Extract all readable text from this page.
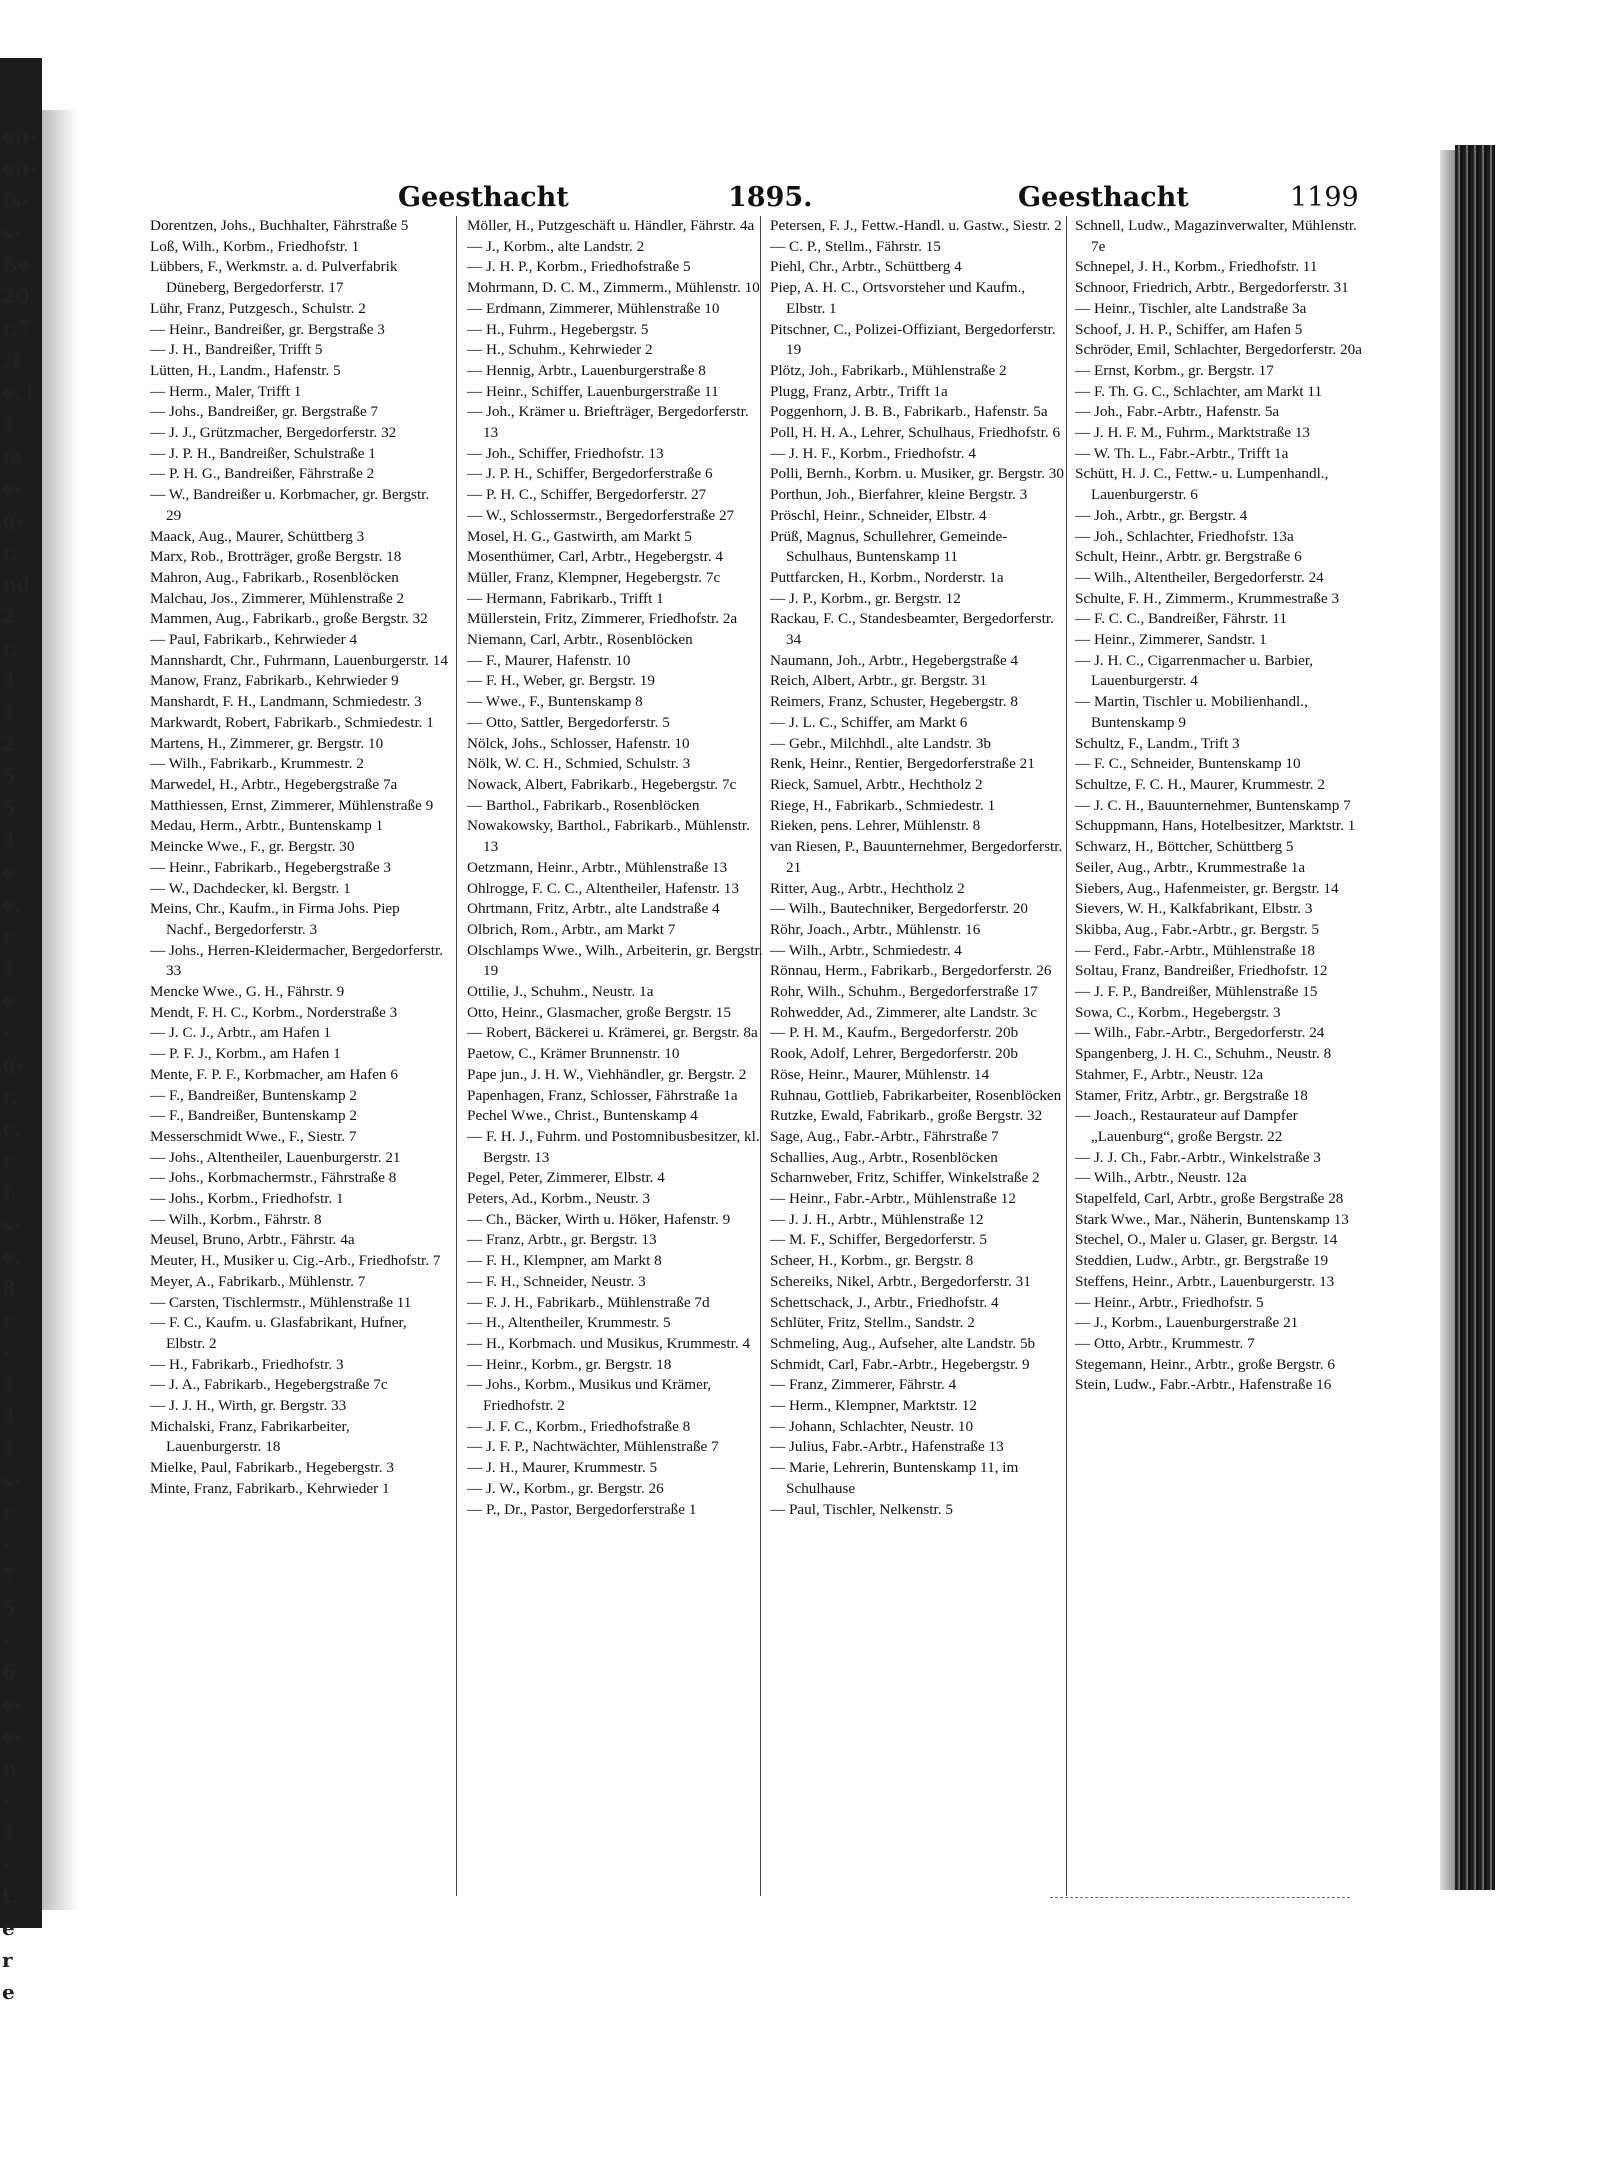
en-
en-
fs-
s-
ße
20
r.7
.1
e.1
1
m
e-
g-
r.
nd
2
r.
4
1
2
5
5
4
e
e,
r
1
e
-
g-
r,
c,
r
f,
s-
e,
8
r
-
1
4
1
s-
r
-
7
5
-
6
e-
e-
n
-
1
-
t.
e
r
e
Geesthacht	1895.	Geesthacht	1199
Dorentzen, Johs., Buchhalter, Fährstraße 5
Loß, Wilh., Korbm., Friedhofstr. 1
Lübbers, F., Werkmstr. a. d. Pulverfabrik Düneberg, Bergedorferstr. 17
Lühr, Franz, Putzgesch., Schulstr. 2
— Heinr., Bandreißer, gr. Bergstraße 3
— J. H., Bandreißer, Trifft 5
Lütten, H., Landm., Hafenstr. 5
— Herm., Maler, Trifft 1
— Johs., Bandreißer, gr. Bergstraße 7
— J. J., Grützmacher, Bergedorferstr. 32
— J. P. H., Bandreißer, Schulstraße 1
— P. H. G., Bandreißer, Fährstraße 2
— W., Bandreißer u. Korbmacher, gr. Bergstr. 29
Maack, Aug., Maurer, Schüttberg 3
Marx, Rob., Brotträger, große Bergstr. 18
Mahron, Aug., Fabrikarb., Rosenblöcken
Malchau, Jos., Zimmerer, Mühlenstraße 2
Mammen, Aug., Fabrikarb., große Bergstr. 32
— Paul, Fabrikarb., Kehrwieder 4
Mannshardt, Chr., Fuhrmann, Lauenburgerstr. 14
Manow, Franz, Fabrikarb., Kehrwieder 9
Manshardt, F. H., Landmann, Schmiedestr. 3
Markwardt, Robert, Fabrikarb., Schmiedestr. 1
Martens, H., Zimmerer, gr. Bergstr. 10
— Wilh., Fabrikarb., Krummestr. 2
Marwedel, H., Arbtr., Hegebergstraße 7a
Matthiessen, Ernst, Zimmerer, Mühlenstraße 9
Medau, Herm., Arbtr., Buntenskamp 1
Meincke Wwe., F., gr. Bergstr. 30
— Heinr., Fabrikarb., Hegebergstraße 3
— W., Dachdecker, kl. Bergstr. 1
Meins, Chr., Kaufm., in Firma Johs. Piep Nachf., Bergedorferstr. 3
— Johs., Herren-Kleidermacher, Bergedorferstr. 33
Mencke Wwe., G. H., Fährstr. 9
Mendt, F. H. C., Korbm., Norderstraße 3
— J. C. J., Arbtr., am Hafen 1
— P. F. J., Korbm., am Hafen 1
Mente, F. P. F., Korbmacher, am Hafen 6
— F., Bandreißer, Buntenskamp 2
— F., Bandreißer, Buntenskamp 2
Messerschmidt Wwe., F., Siestr. 7
— Johs., Altentheiler, Lauenburgerstr. 21
— Johs., Korbmachermstr., Fährstraße 8
— Johs., Korbm., Friedhofstr. 1
— Wilh., Korbm., Fährstr. 8
Meusel, Bruno, Arbtr., Fährstr. 4a
Meuter, H., Musiker u. Cig.-Arb., Friedhofstr. 7
Meyer, A., Fabrikarb., Mühlenstr. 7
— Carsten, Tischlermstr., Mühlenstraße 11
— F. C., Kaufm. u. Glasfabrikant, Hufner, Elbstr. 2
— H., Fabrikarb., Friedhofstr. 3
— J. A., Fabrikarb., Hegebergstraße 7c
— J. J. H., Wirth, gr. Bergstr. 33
Michalski, Franz, Fabrikarbeiter, Lauenburgerstr. 18
Mielke, Paul, Fabrikarb., Hegebergstr. 3
Minte, Franz, Fabrikarb., Kehrwieder 1
Möller, H., Putzgeschäft u. Händler, Fährstr. 4a
— J., Korbm., alte Landstr. 2
— J. H. P., Korbm., Friedhofstraße 5
Mohrmann, D. C. M., Zimmerm., Mühlenstr. 10
— Erdmann, Zimmerer, Mühlenstraße 10
— H., Fuhrm., Hegebergstr. 5
— H., Schuhm., Kehrwieder 2
— Hennig, Arbtr., Lauenburgerstraße 8
— Heinr., Schiffer, Lauenburgerstraße 11
— Joh., Krämer u. Briefträger, Bergedorferstr. 13
— Joh., Schiffer, Friedhofstr. 13
— J. P. H., Schiffer, Bergedorferstraße 6
— P. H. C., Schiffer, Bergedorferstr. 27
— W., Schlossermstr., Bergedorferstraße 27
Mosel, H. G., Gastwirth, am Markt 5
Mosenthümer, Carl, Arbtr., Hegebergstr. 4
Müller, Franz, Klempner, Hegebergstr. 7c
— Hermann, Fabrikarb., Trifft 1
Müllerstein, Fritz, Zimmerer, Friedhofstr. 2a
Niemann, Carl, Arbtr., Rosenblöcken
— F., Maurer, Hafenstr. 10
— F. H., Weber, gr. Bergstr. 19
— Wwe., F., Buntenskamp 8
— Otto, Sattler, Bergedorferstr. 5
Nölck, Johs., Schlosser, Hafenstr. 10
Nölk, W. C. H., Schmied, Schulstr. 3
Nowack, Albert, Fabrikarb., Hegebergstr. 7c
— Barthol., Fabrikarb., Rosenblöcken
Nowakowsky, Barthol., Fabrikarb., Mühlenstr. 13
Oetzmann, Heinr., Arbtr., Mühlenstraße 13
Ohlrogge, F. C. C., Altentheiler, Hafenstr. 13
Ohrtmann, Fritz, Arbtr., alte Landstraße 4
Olbrich, Rom., Arbtr., am Markt 7
Olschlamps Wwe., Wilh., Arbeiterin, gr. Bergstr. 19
Ottilie, J., Schuhm., Neustr. 1a
Otto, Heinr., Glasmacher, große Bergstr. 15
— Robert, Bäckerei u. Krämerei, gr. Bergstr. 8a
Paetow, C., Krämer Brunnenstr. 10
Pape jun., J. H. W., Viehhändler, gr. Bergstr. 2
Papenhagen, Franz, Schlosser, Fährstraße 1a
Pechel Wwe., Christ., Buntenskamp 4
— F. H. J., Fuhrm. und Postomnibusbesitzer, kl. Bergstr. 13
Pegel, Peter, Zimmerer, Elbstr. 4
Peters, Ad., Korbm., Neustr. 3
— Ch., Bäcker, Wirth u. Höker, Hafenstr. 9
— Franz, Arbtr., gr. Bergstr. 13
— F. H., Klempner, am Markt 8
— F. H., Schneider, Neustr. 3
— F. J. H., Fabrikarb., Mühlenstraße 7d
— H., Altentheiler, Krummestr. 5
— H., Korbmach. und Musikus, Krummestr. 4
— Heinr., Korbm., gr. Bergstr. 18
— Johs., Korbm., Musikus und Krämer, Friedhofstr. 2
— J. F. C., Korbm., Friedhofstraße 8
— J. F. P., Nachtwächter, Mühlenstraße 7
— J. H., Maurer, Krummestr. 5
— J. W., Korbm., gr. Bergstr. 26
— P., Dr., Pastor, Bergedorferstraße 1
Petersen, F. J., Fettw.-Handl. u. Gastw., Siestr. 2
— C. P., Stellm., Fährstr. 15
Piehl, Chr., Arbtr., Schüttberg 4
Piep, A. H. C., Ortsvorsteher und Kaufm., Elbstr. 1
Pitschner, C., Polizei-Offiziant, Bergedorferstr. 19
Plötz, Joh., Fabrikarb., Mühlenstraße 2
Plugg, Franz, Arbtr., Trifft 1a
Poggenhorn, J. B. B., Fabrikarb., Hafenstr. 5a
Poll, H. H. A., Lehrer, Schulhaus, Friedhofstr. 6
— J. H. F., Korbm., Friedhofstr. 4
Polli, Bernh., Korbm. u. Musiker, gr. Bergstr. 30
Porthun, Joh., Bierfahrer, kleine Bergstr. 3
Pröschl, Heinr., Schneider, Elbstr. 4
Prüß, Magnus, Schullehrer, Gemeinde-Schulhaus, Buntenskamp 11
Puttfarcken, H., Korbm., Norderstr. 1a
— J. P., Korbm., gr. Bergstr. 12
Rackau, F. C., Standesbeamter, Bergedorferstr. 34
Naumann, Joh., Arbtr., Hegebergstraße 4
Reich, Albert, Arbtr., gr. Bergstr. 31
Reimers, Franz, Schuster, Hegebergstr. 8
— J. L. C., Schiffer, am Markt 6
— Gebr., Milchhdl., alte Landstr. 3b
Renk, Heinr., Rentier, Bergedorferstraße 21
Rieck, Samuel, Arbtr., Hechtholz 2
Riege, H., Fabrikarb., Schmiedestr. 1
Rieken, pens. Lehrer, Mühlenstr. 8
van Riesen, P., Bauunternehmer, Bergedorferstr. 21
Ritter, Aug., Arbtr., Hechtholz 2
— Wilh., Bautechniker, Bergedorferstr. 20
Röhr, Joach., Arbtr., Mühlenstr. 16
— Wilh., Arbtr., Schmiedestr. 4
Rönnau, Herm., Fabrikarb., Bergedorferstr. 26
Rohr, Wilh., Schuhm., Bergedorferstraße 17
Rohwedder, Ad., Zimmerer, alte Landstr. 3c
— P. H. M., Kaufm., Bergedorferstr. 20b
Rook, Adolf, Lehrer, Bergedorferstr. 20b
Röse, Heinr., Maurer, Mühlenstr. 14
Ruhnau, Gottlieb, Fabrikarbeiter, Rosenblöcken
Rutzke, Ewald, Fabrikarb., große Bergstr. 32
Sage, Aug., Fabr.-Arbtr., Fährstraße 7
Schallies, Aug., Arbtr., Rosenblöcken
Scharnweber, Fritz, Schiffer, Winkelstraße 2
— Heinr., Fabr.-Arbtr., Mühlenstraße 12
— J. J. H., Arbtr., Mühlenstraße 12
— M. F., Schiffer, Bergedorferstr. 5
Scheer, H., Korbm., gr. Bergstr. 8
Schereiks, Nikel, Arbtr., Bergedorferstr. 31
Schettschack, J., Arbtr., Friedhofstr. 4
Schlüter, Fritz, Stellm., Sandstr. 2
Schmeling, Aug., Aufseher, alte Landstr. 5b
Schmidt, Carl, Fabr.-Arbtr., Hegebergstr. 9
— Franz, Zimmerer, Fährstr. 4
— Herm., Klempner, Marktstr. 12
— Johann, Schlachter, Neustr. 10
— Julius, Fabr.-Arbtr., Hafenstraße 13
— Marie, Lehrerin, Buntenskamp 11, im Schulhause
— Paul, Tischler, Nelkenstr. 5
Schnell, Ludw., Magazinverwalter, Mühlenstr. 7e
Schnepel, J. H., Korbm., Friedhofstr. 11
Schnoor, Friedrich, Arbtr., Bergedorferstr. 31
— Heinr., Tischler, alte Landstraße 3a
Schoof, J. H. P., Schiffer, am Hafen 5
Schröder, Emil, Schlachter, Bergedorferstr. 20a
— Ernst, Korbm., gr. Bergstr. 17
— F. Th. G. C., Schlachter, am Markt 11
— Joh., Fabr.-Arbtr., Hafenstr. 5a
— J. H. F. M., Fuhrm., Marktstraße 13
— W. Th. L., Fabr.-Arbtr., Trifft 1a
Schütt, H. J. C., Fettw.- u. Lumpenhandl., Lauenburgerstr. 6
— Joh., Arbtr., gr. Bergstr. 4
— Joh., Schlachter, Friedhofstr. 13a
Schult, Heinr., Arbtr. gr. Bergstraße 6
— Wilh., Altentheiler, Bergedorferstr. 24
Schulte, F. H., Zimmerm., Krummestraße 3
— F. C. C., Bandreißer, Fährstr. 11
— Heinr., Zimmerer, Sandstr. 1
— J. H. C., Cigarrenmacher u. Barbier, Lauenburgerstr. 4
— Martin, Tischler u. Mobilienhandl., Buntenskamp 9
Schultz, F., Landm., Trift 3
— F. C., Schneider, Buntenskamp 10
Schultze, F. C. H., Maurer, Krummestr. 2
— J. C. H., Bauunternehmer, Buntenskamp 7
Schuppmann, Hans, Hotelbesitzer, Marktstr. 1
Schwarz, H., Böttcher, Schüttberg 5
Seiler, Aug., Arbtr., Krummestraße 1a
Siebers, Aug., Hafenmeister, gr. Bergstr. 14
Sievers, W. H., Kalkfabrikant, Elbstr. 3
Skibba, Aug., Fabr.-Arbtr., gr. Bergstr. 5
— Ferd., Fabr.-Arbtr., Mühlenstraße 18
Soltau, Franz, Bandreißer, Friedhofstr. 12
— J. F. P., Bandreißer, Mühlenstraße 15
Sowa, C., Korbm., Hegebergstr. 3
— Wilh., Fabr.-Arbtr., Bergedorferstr. 24
Spangenberg, J. H. C., Schuhm., Neustr. 8
Stahmer, F., Arbtr., Neustr. 12a
Stamer, Fritz, Arbtr., gr. Bergstraße 18
— Joach., Restaurateur auf Dampfer „Lauenburg“, große Bergstr. 22
— J. J. Ch., Fabr.-Arbtr., Winkelstraße 3
— Wilh., Arbtr., Neustr. 12a
Stapelfeld, Carl, Arbtr., große Bergstraße 28
Stark Wwe., Mar., Näherin, Buntenskamp 13
Stechel, O., Maler u. Glaser, gr. Bergstr. 14
Steddien, Ludw., Arbtr., gr. Bergstraße 19
Steffens, Heinr., Arbtr., Lauenburgerstr. 13
— Heinr., Arbtr., Friedhofstr. 5
— J., Korbm., Lauenburgerstraße 21
— Otto, Arbtr., Krummestr. 7
Stegemann, Heinr., Arbtr., große Bergstr. 6
Stein, Ludw., Fabr.-Arbtr., Hafenstraße 16
